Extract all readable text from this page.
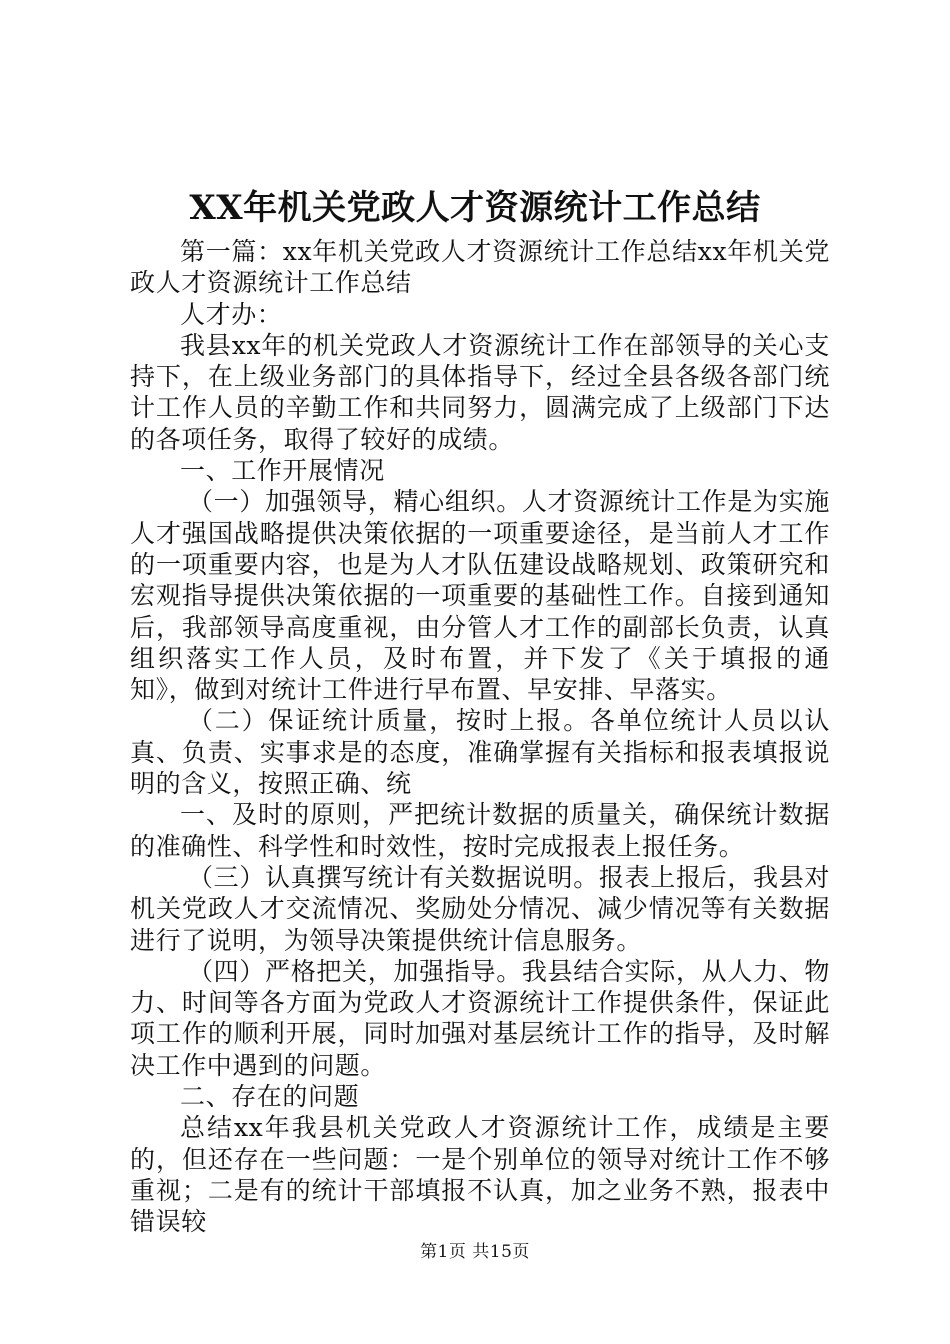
XX年机关党政人才资源统计工作总结

第一篇：xx年机关党政人才资源统计工作总结xx年机关党政人才资源统计工作总结

人才办：

我县xx年的机关党政人才资源统计工作在部领导的关心支持下，在上级业务部门的具体指导下，经过全县各级各部门统计工作人员的辛勤工作和共同努力，圆满完成了上级部门下达的各项任务，取得了较好的成绩。

一、工作开展情况

（一）加强领导，精心组织。人才资源统计工作是为实施人才强国战略提供决策依据的一项重要途径，是当前人才工作的一项重要内容，也是为人才队伍建设战略规划、政策研究和宏观指导提供决策依据的一项重要的基础性工作。自接到通知后，我部领导高度重视，由分管人才工作的副部长负责，认真组织落实工作人员，及时布置，并下发了《关于填报的通知》，做到对统计工件进行早布置、早安排、早落实。

（二）保证统计质量，按时上报。各单位统计人员以认真、负责、实事求是的态度，准确掌握有关指标和报表填报说明的含义，按照正确、统

一、及时的原则，严把统计数据的质量关，确保统计数据的准确性、科学性和时效性，按时完成报表上报任务。

（三）认真撰写统计有关数据说明。报表上报后，我县对机关党政人才交流情况、奖励处分情况、减少情况等有关数据进行了说明，为领导决策提供统计信息服务。

（四）严格把关，加强指导。我县结合实际，从人力、物力、时间等各方面为党政人才资源统计工作提供条件，保证此项工作的顺利开展，同时加强对基层统计工作的指导，及时解决工作中遇到的问题。

二、存在的问题

总结xx年我县机关党政人才资源统计工作，成绩是主要的，但还存在一些问题：一是个别单位的领导对统计工作不够重视；二是有的统计干部填报不认真，加之业务不熟，报表中错误较

第1页 共15页
